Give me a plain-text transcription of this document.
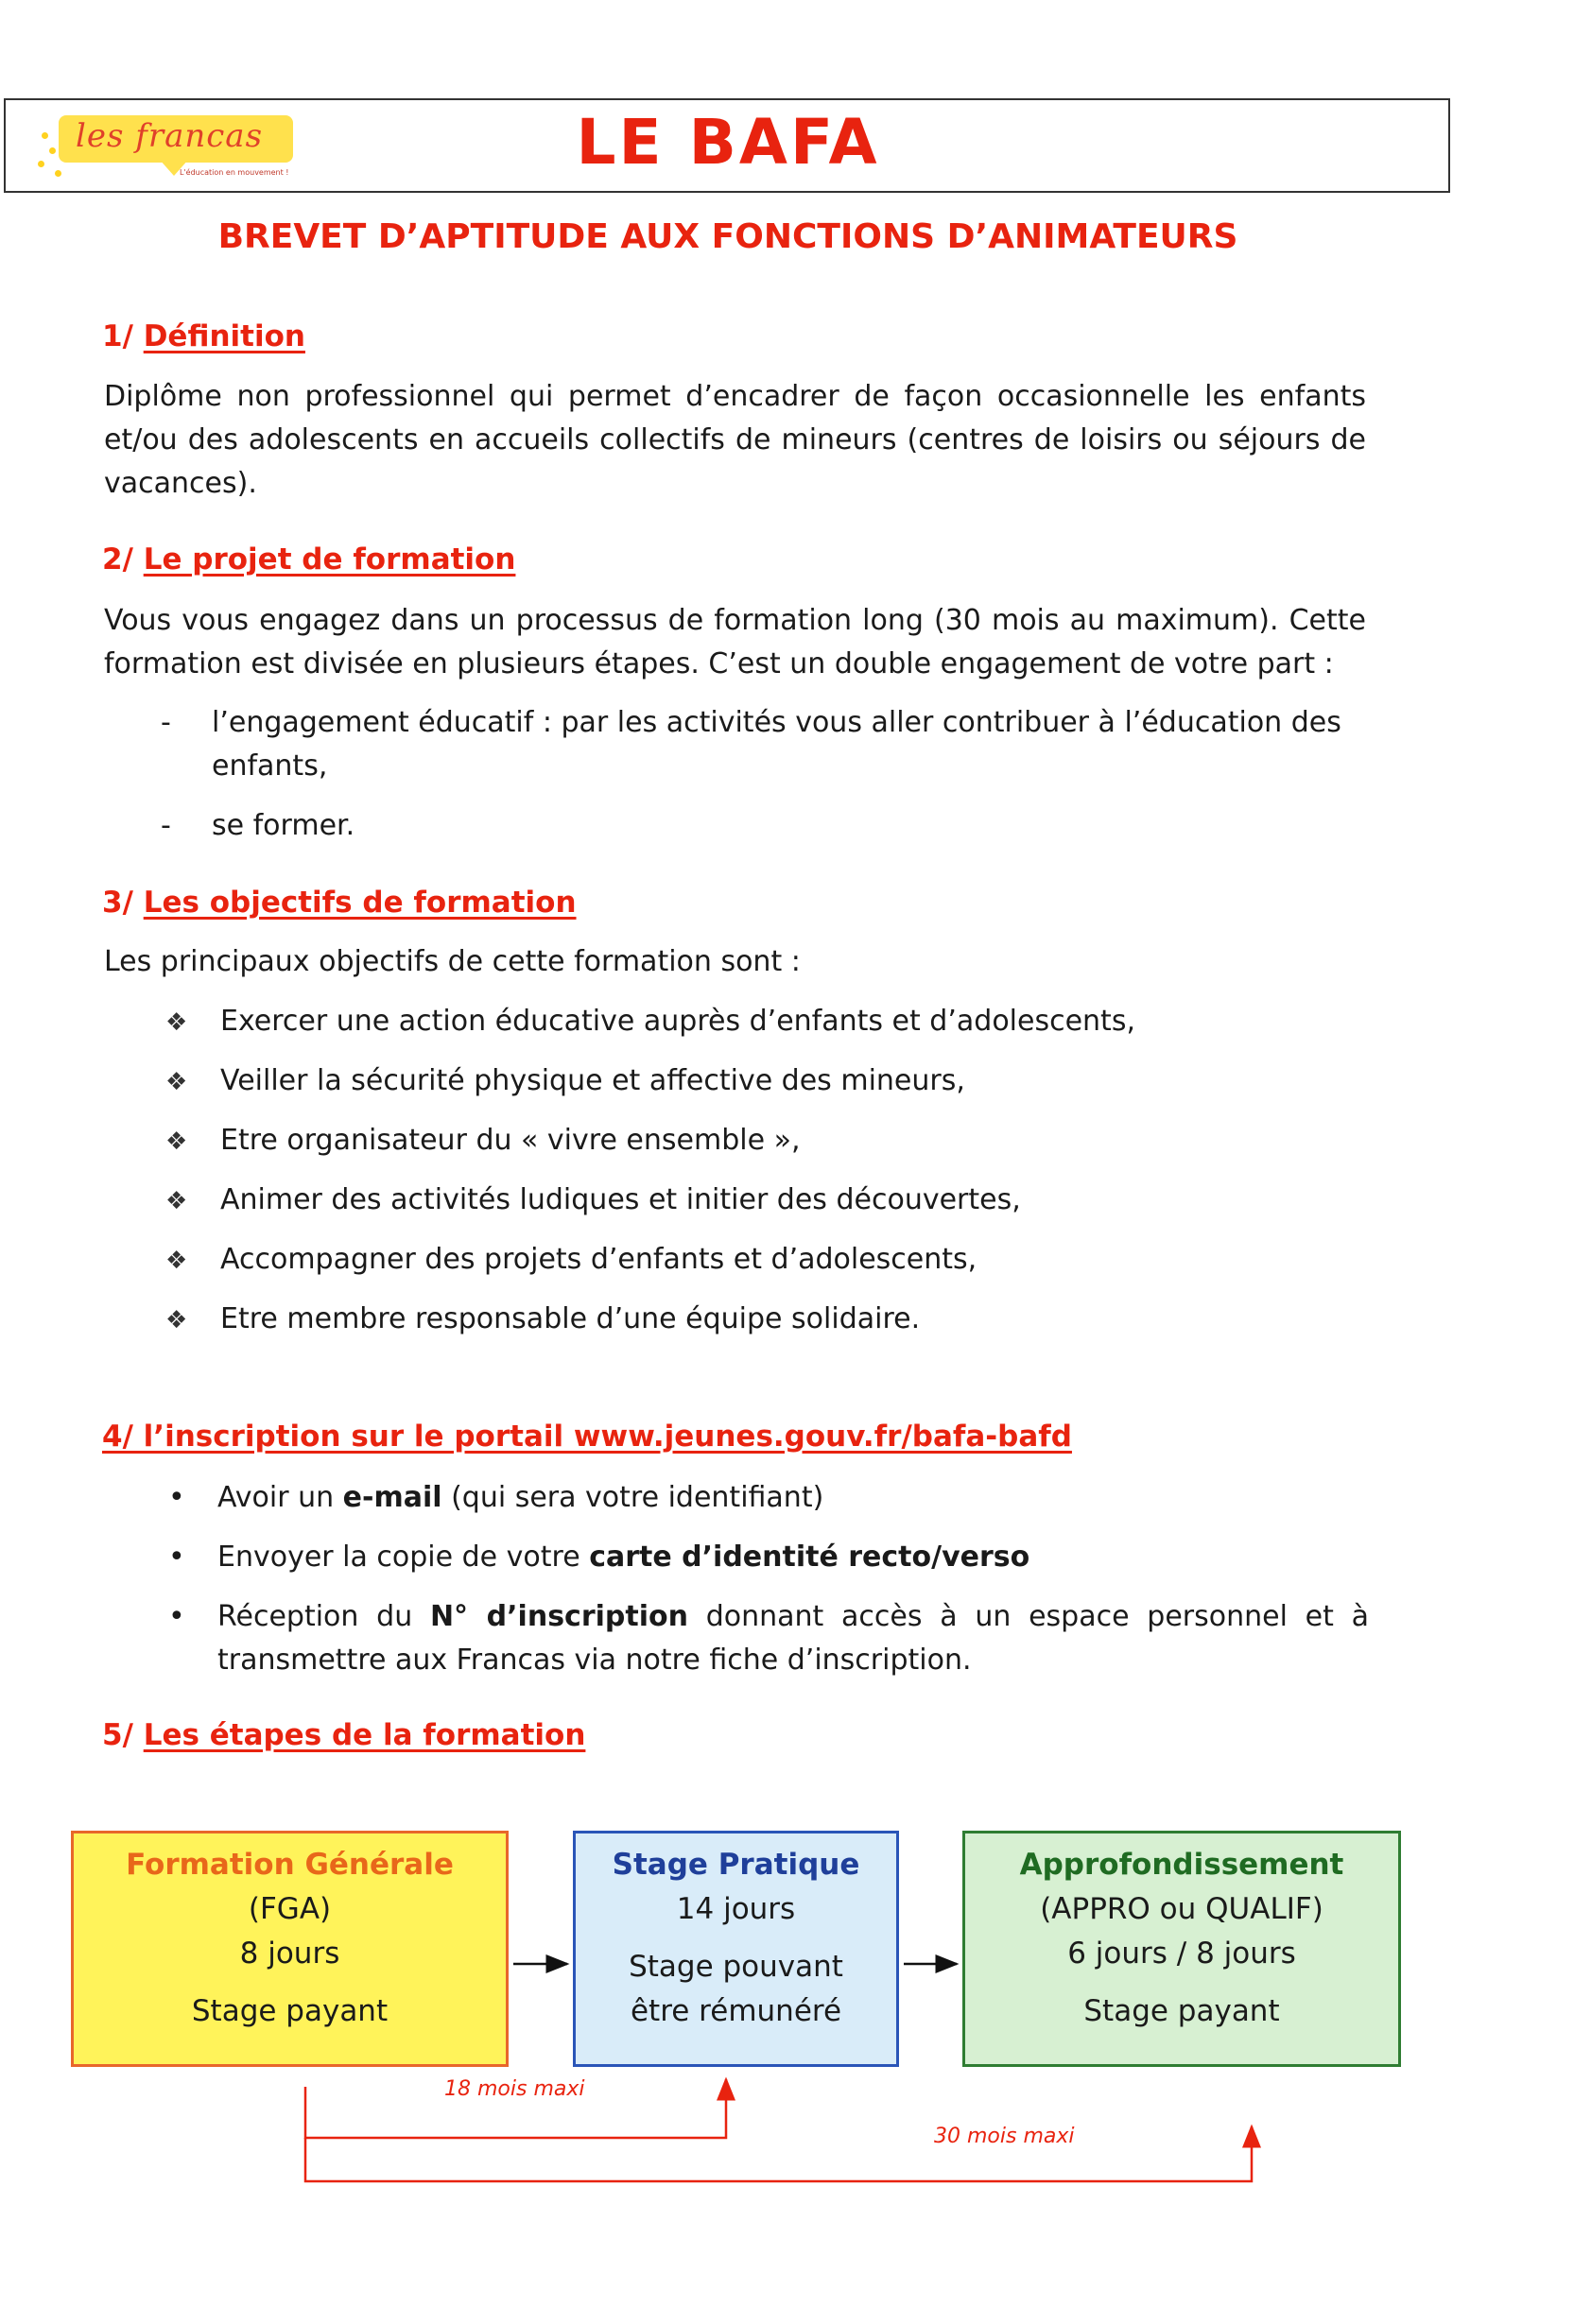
les francas
L'éducation en mouvement !	LE BAFA
BREVET D’APTITUDE AUX FONCTIONS D’ANIMATEURS
1/ Définition

Diplôme non professionnel qui permet d’encadrer de façon occasionnelle les enfants et/ou des adolescents en accueils collectifs de mineurs (centres de loisirs ou séjours de vacances).

2/ Le projet de formation

Vous vous engagez dans un processus de formation long (30 mois au maximum). Cette formation est divisée en plusieurs étapes. C’est un double engagement de votre part :

- l’engagement éducatif : par les activités vous aller contribuer à l’éducation des enfants,
- se former.
3/ Les objectifs de formation

Les principaux objectifs de cette formation sont :

❖ Exercer une action éducative auprès d’enfants et d’adolescents,
❖ Veiller la sécurité physique et affective des mineurs,
❖ Etre organisateur du « vivre ensemble »,
❖ Animer des activités ludiques et initier des découvertes,
❖ Accompagner des projets d’enfants et d’adolescents,
❖ Etre membre responsable d’une équipe solidaire.
4/ l’inscription sur le portail www.jeunes.gouv.fr/bafa-bafd
• Avoir un e-mail (qui sera votre identifiant)
• Envoyer la copie de votre carte d’identité recto/verso
• Réception du N° d’inscription donnant accès à un espace personnel et à transmettre aux Francas via notre fiche d’inscription.
5/ Les étapes de la formation
Formation Générale
(FGA)
8 jours
Stage payant
Stage Pratique
14 jours
Stage pouvant
être rémunéré
Approfondissement
(APPRO ou QUALIF)
6 jours / 8 jours
Stage payant
18 mois maxi
30 mois maxi
